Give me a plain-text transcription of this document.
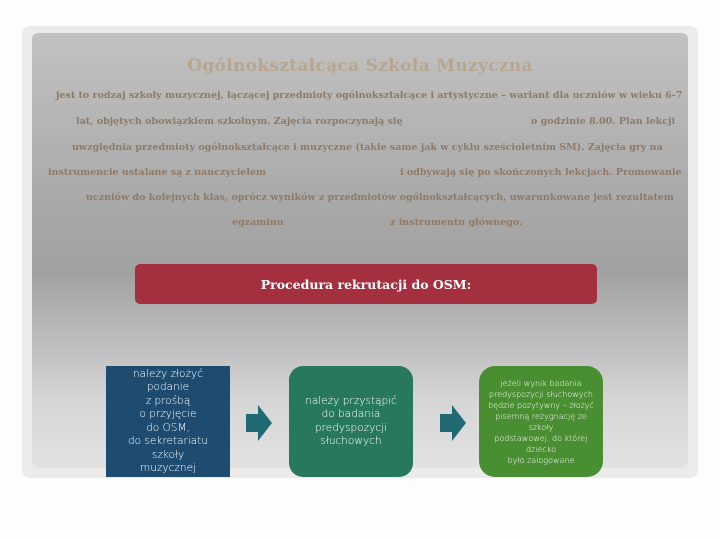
Ogólnokształcąca Szkoła Muzyczna

jest to rodzaj szkoły muzycznej, łączącej przedmioty ogólnokształcące i artystyczne – wariant dla uczniów w wieku 6-7

lat, objętych obowiązkiem szkolnym. Zajęcia rozpoczynają się	o godzinie 8.00. Plan lekcji

uwzględnia przedmioty ogólnokształcące i muzyczne (takie same jak w cyklu sześcioletnim SM). Zajęcia gry na

instrumencie ustalane są z nauczycielem	i odbywają się po skończonych lekcjach. Promowanie

uczniów do kolejnych klas, oprócz wyników z przedmiotów ogólnokształcących, uwarunkowane jest rezultatem

egzaminu	z instrumentu głównego.

Procedura rekrutacji do OSM:
należy złożyć podanie
z prośbą
o przyjęcie
do OSM,
do sekretariatu szkoły
muzycznej
należy przystąpić
do badania
predyspozycji
słuchowych
jeżeli wynik badania
predyspozycji słuchowych
będzie pozytywny – złożyć
pisemną rezygnację ze szkoły
podstawowej, do której dziecko
było zalogowane
